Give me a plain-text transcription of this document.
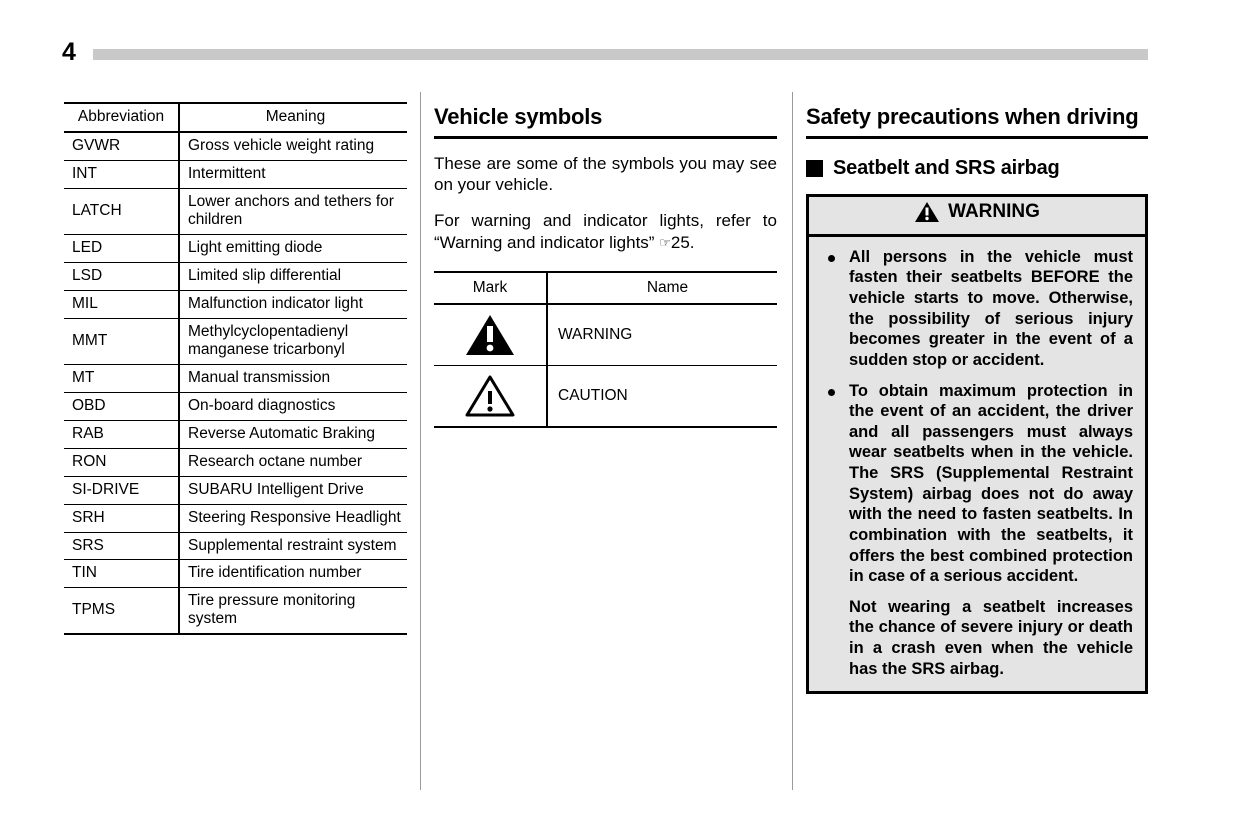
4
Abbreviation	Meaning
GVWR	Gross vehicle weight rating
INT	Intermittent
LATCH	Lower anchors and tethers for children
LED	Light emitting diode
LSD	Limited slip differential
MIL	Malfunction indicator light
MMT	Methylcyclopentadienyl manganese tricarbonyl
MT	Manual transmission
OBD	On-board diagnostics
RAB	Reverse Automatic Braking
RON	Research octane number
SI-DRIVE	SUBARU Intelligent Drive
SRH	Steering Responsive Headlight
SRS	Supplemental restraint system
TIN	Tire identification number
TPMS	Tire pressure monitoring system
Vehicle symbols

These are some of the symbols you may see on your vehicle.

For warning and indicator lights, refer to “Warning and indicator lights” ☞25.

Mark	Name

	WARNING

	CAUTION
Safety precautions when driving
Seatbelt and SRS airbag
WARNING
All persons in the vehicle must fasten their seatbelts BEFORE the vehicle starts to move. Otherwise, the possibility of serious injury becomes greater in the event of a sudden stop or accident.
To obtain maximum protection in the event of an accident, the driver and all passengers must always wear seatbelts when in the vehicle. The SRS (Supplemental Restraint System) airbag does not do away with the need to fasten seatbelts. In combination with the seatbelts, it offers the best combined protection in case of a serious accident.

Not wearing a seatbelt increases the chance of severe injury or death in a crash even when the vehicle has the SRS airbag.
